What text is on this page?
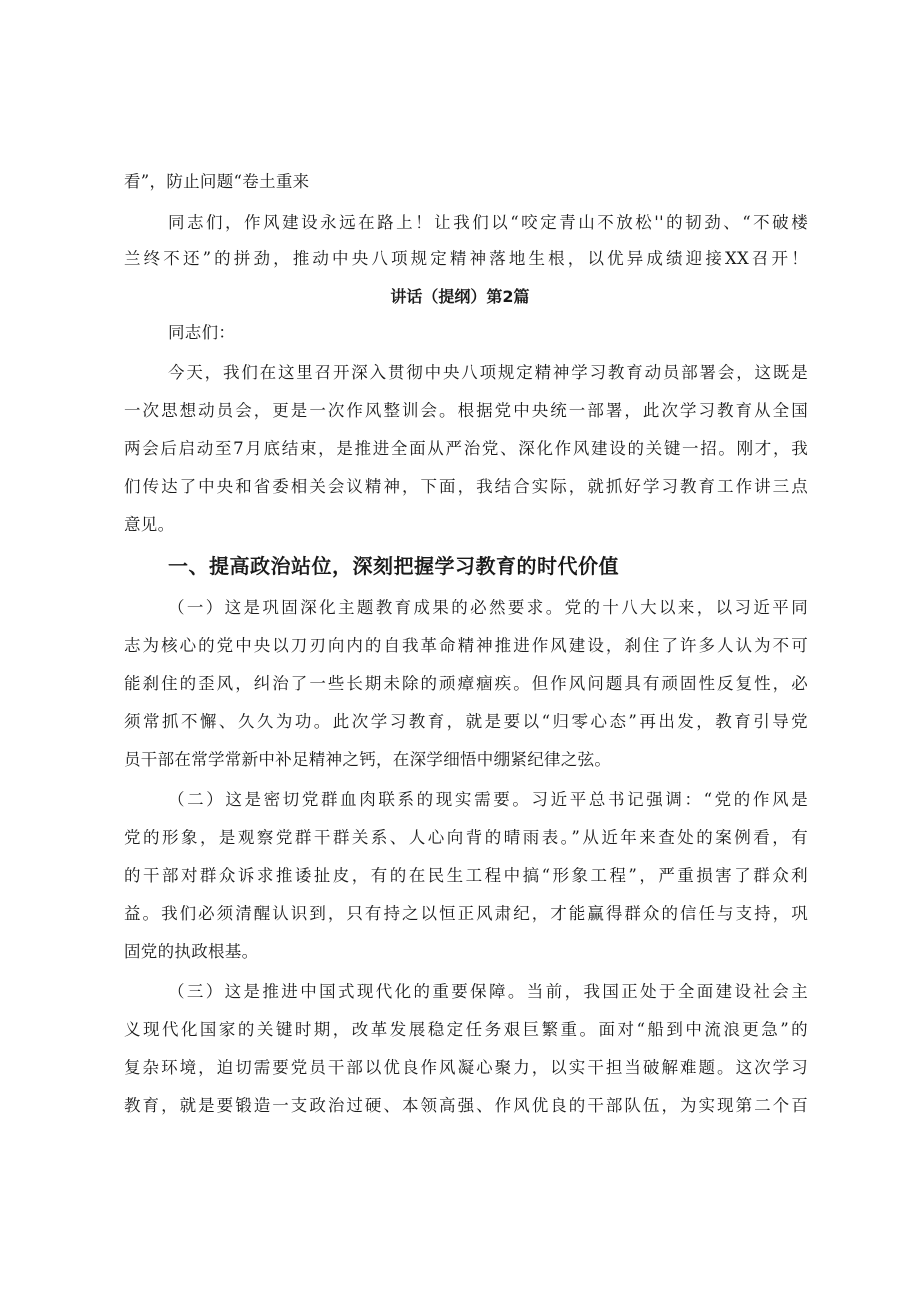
看”，防止问题“卷土重来
同志们，作风建设永远在路上！让我们以“咬定青山不放松''的韧劲、“不破楼
兰终不还”的拼劲，推动中央八项规定精神落地生根，以优异成绩迎接XX召开！
讲话（提纲）第2篇
同志们：
今天，我们在这里召开深入贯彻中央八项规定精神学习教育动员部署会，这既是
一次思想动员会，更是一次作风整训会。根据党中央统一部署，此次学习教育从全国
两会后启动至7月底结束，是推进全面从严治党、深化作风建设的关键一招。刚才，我
们传达了中央和省委相关会议精神，下面，我结合实际，就抓好学习教育工作讲三点
意见。
一、提高政治站位，深刻把握学习教育的时代价值
（一）这是巩固深化主题教育成果的必然要求。党的十八大以来，以习近平同
志为核心的党中央以刀刃向内的自我革命精神推进作风建设，刹住了许多人认为不可
能刹住的歪风，纠治了一些长期未除的顽瘴痼疾。但作风问题具有顽固性反复性，必
须常抓不懈、久久为功。此次学习教育，就是要以“归零心态”再出发，教育引导党
员干部在常学常新中补足精神之钙，在深学细悟中绷紧纪律之弦。
（二）这是密切党群血肉联系的现实需要。习近平总书记强调：“党的作风是
党的形象，是观察党群干群关系、人心向背的晴雨表。”从近年来查处的案例看，有
的干部对群众诉求推诿扯皮，有的在民生工程中搞“形象工程”，严重损害了群众利
益。我们必须清醒认识到，只有持之以恒正风肃纪，才能赢得群众的信任与支持，巩
固党的执政根基。
（三）这是推进中国式现代化的重要保障。当前，我国正处于全面建设社会主
义现代化国家的关键时期，改革发展稳定任务艰巨繁重。面对“船到中流浪更急”的
复杂环境，迫切需要党员干部以优良作风凝心聚力，以实干担当破解难题。这次学习
教育，就是要锻造一支政治过硬、本领高强、作风优良的干部队伍，为实现第二个百
